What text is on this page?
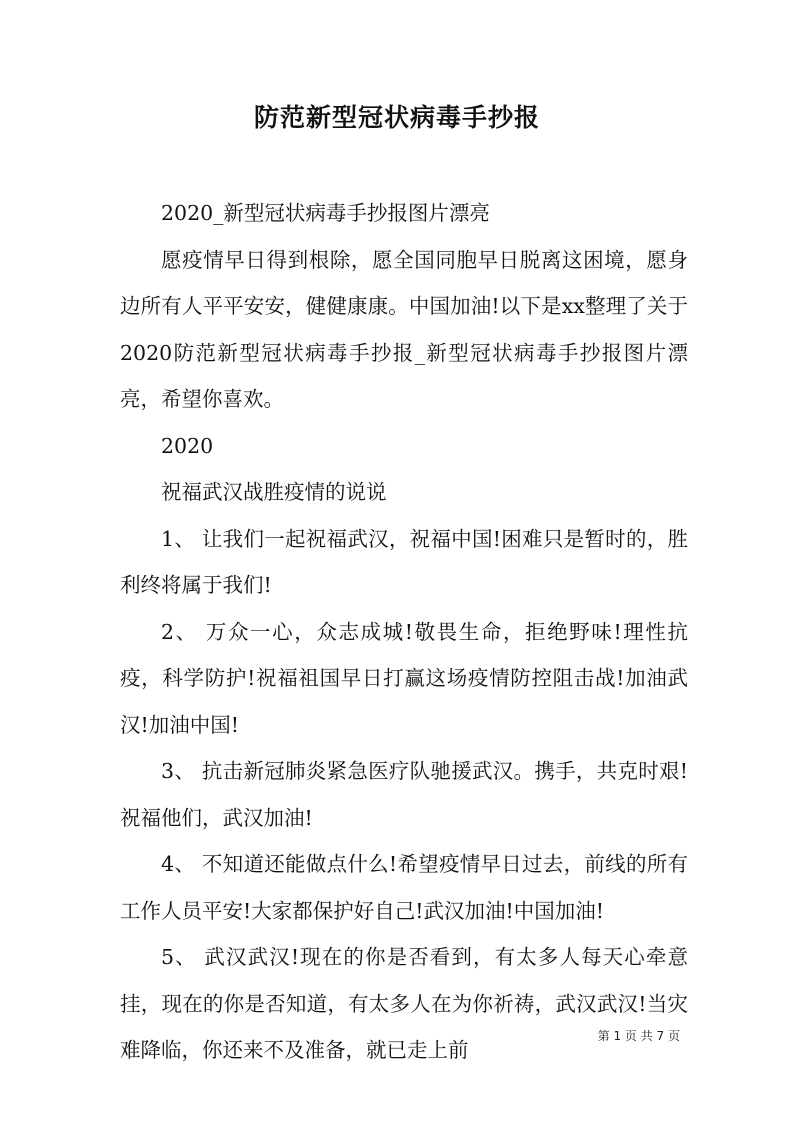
防范新型冠状病毒手抄报

2020_新型冠状病毒手抄报图片漂亮

愿疫情早日得到根除，愿全国同胞早日脱离这困境，愿身边所有人平平安安，健健康康。中国加油!以下是xx整理了关于2020防范新型冠状病毒手抄报_新型冠状病毒手抄报图片漂亮，希望你喜欢。

2020

祝福武汉战胜疫情的说说

1、 让我们一起祝福武汉，祝福中国!困难只是暂时的，胜利终将属于我们!

2、 万众一心，众志成城!敬畏生命，拒绝野味!理性抗疫，科学防护!祝福祖国早日打赢这场疫情防控阻击战!加油武汉!加油中国!

3、 抗击新冠肺炎紧急医疗队驰援武汉。携手，共克时艰!祝福他们，武汉加油!

4、 不知道还能做点什么!希望疫情早日过去，前线的所有工作人员平安!大家都保护好自己!武汉加油!中国加油!

5、 武汉武汉!现在的你是否看到，有太多人每天心牵意挂，现在的你是否知道，有太多人在为你祈祷，武汉武汉!当灾难降临，你还来不及准备，就已走上前

第 1 页 共 7 页
